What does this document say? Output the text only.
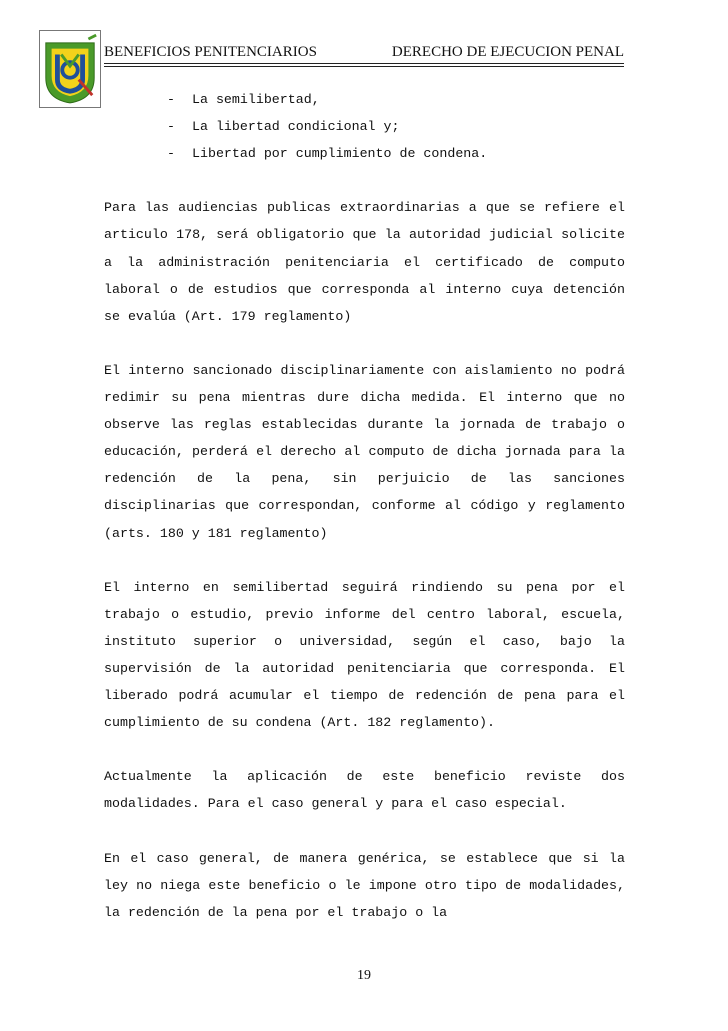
BENEFICIOS PENITENCIARIOS	DERECHO DE EJECUCION PENAL
- La semilibertad,
- La libertad condicional y;
- Libertad por cumplimiento de condena.

Para las audiencias publicas extraordinarias a que se refiere el articulo 178, será obligatorio que la autoridad judicial solicite a la administración penitenciaria el certificado de computo laboral o de estudios que corresponda al interno cuya detención se evalúa (Art. 179 reglamento)

El interno sancionado disciplinariamente con aislamiento no podrá redimir su pena mientras dure dicha medida. El interno que no observe las reglas establecidas durante la jornada de trabajo o educación, perderá el derecho al computo de dicha jornada para la redención de la pena, sin perjuicio de las sanciones disciplinarias que correspondan, conforme al código y reglamento (arts. 180 y 181 reglamento)

El interno en semilibertad seguirá rindiendo su pena por el trabajo o estudio, previo informe del centro laboral, escuela, instituto superior o universidad, según el caso, bajo la supervisión de la autoridad penitenciaria que corresponda. El liberado podrá acumular el tiempo de redención de pena para el cumplimiento de su condena (Art. 182 reglamento).

Actualmente la aplicación de este beneficio reviste dos modalidades. Para el caso general y para el caso especial.

En el caso general, de manera genérica, se establece que si la ley no niega este beneficio o le impone otro tipo de modalidades, la redención de la pena por el trabajo o la

19
